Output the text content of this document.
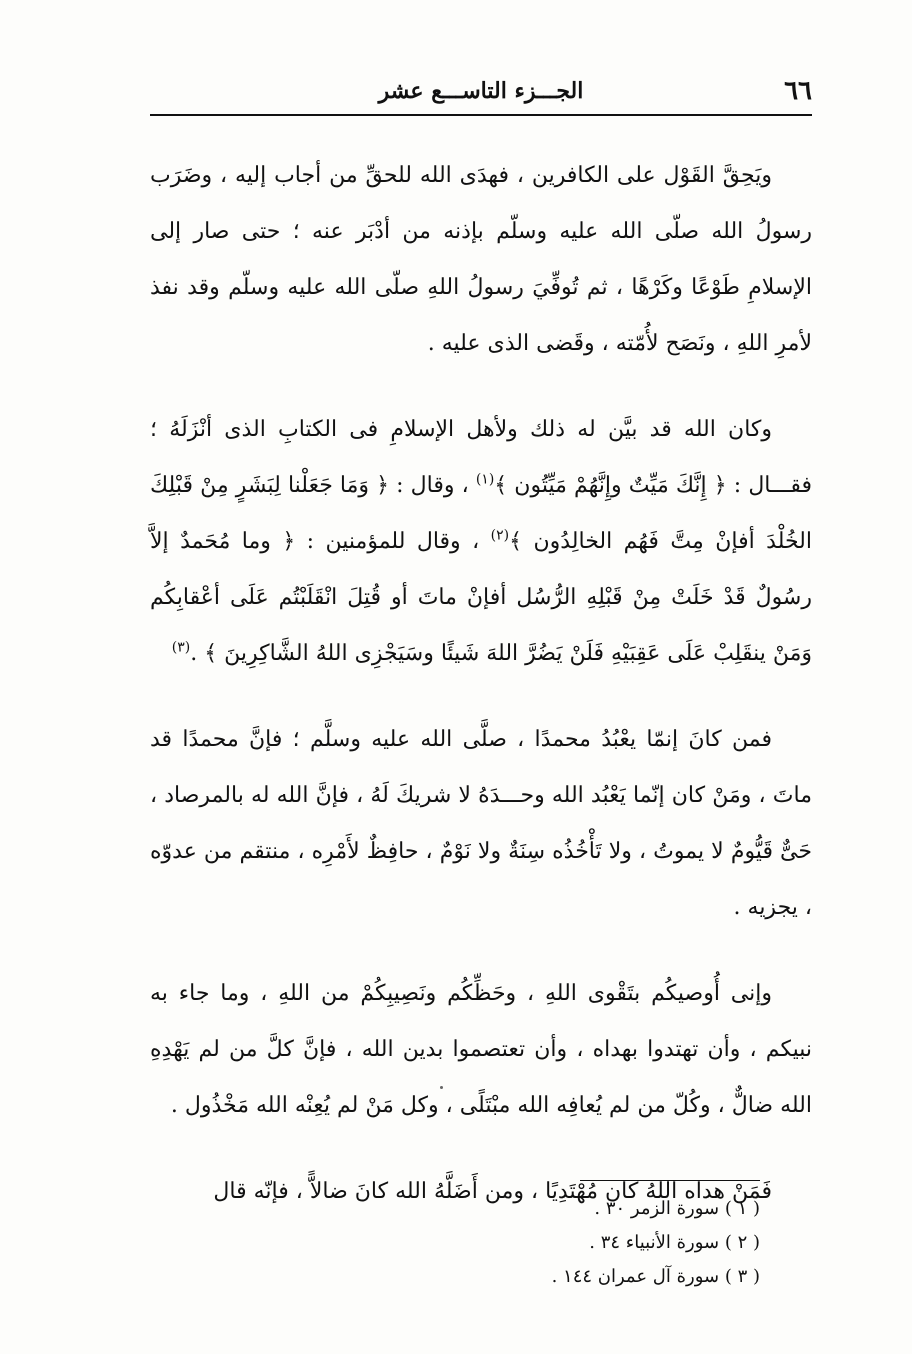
٦٦
الجـــزء التاســـع عشر

ويَحِقَّ القَوْل على الكافرين ، فهدَى الله للحقِّ من أجاب إليه ، وضَرَب رسولُ الله صلّى الله عليه وسلّم بإذنه من أدْبَر عنه ؛ حتى صار إلى الإسلامِ طَوْعًا وكَرْهًا ، ثم تُوفِّيَ رسولُ اللهِ صلّى الله عليه وسلّم وقد نفذ لأمرِ اللهِ ، ونَصَح لأُمّته ، وقَضى الذى عليه .

وكان الله قد بيَّن له ذلك ولأهل الإسلامِ فى الكتابِ الذى أنْزَلَهُ ؛ فقـــال : ﴿ إِنَّكَ مَيِّتٌ وإِنَّهُمْ مَيِّتُون ﴾$^{(١)}$ ، وقال : ﴿ وَمَا جَعَلْنا لِبَشَرٍ مِنْ قَبْلِكَ الخُلْدَ أفإنْ مِتَّ فَهُم الخالِدُون ﴾$^{(٢)}$ ، وقال للمؤمنين : ﴿ وما مُحَمدٌ إلاَّ رسُولٌ قَدْ خَلَتْ مِنْ قَبْلِهِ الرُّسُل أفإنْ ماتَ أو قُتِلَ انْقَلَبْتُم عَلَى أعْقابِكُم وَمَنْ ينقَلِبْ عَلَى عَقِبَيْهِ فَلَنْ يَضُرَّ اللهَ شَيئًا وسَيَجْزِى اللهُ الشَّاكِرِينَ ﴾ .$^{(٣)}$

فمن كانَ إنمّا يعْبُدُ محمدًا ، صلَّى الله عليه وسلَّم ؛ فإنَّ محمدًا قد ماتَ ، ومَنْ كان إنّما يَعْبُد الله وحـــدَهُ لا شريكَ لَهُ ، فإنَّ الله له بالمرصاد ، حَىٌّ قَيُّومٌ لا يموتُ ، ولا تَأْخُذُه سِنَةٌ ولا نَوْمٌ ، حافِظٌ لأَمْرِه ، منتقم من عدوّه ، يجزيه .

وإنى أُوصيكُم بتَقْوى اللهِ ، وحَظِّكُم ونَصِيبِكُمْ من اللهِ ، وما جاء به نبيكم ، وأن تهتدوا بهداه ، وأن تعتصموا بدين الله ، فإنَّ كلَّ من لم يَهْدِهِ الله ضالٌّ ، وكُلّ من لم يُعافِه الله مبْتَلًى ، وكل مَنْ لم يُعِنْه الله مَخْذُول .

فَمَنْ هداه اللهُ كان مُهْتَدِيًا ، ومن أَضَلَّهُ الله كانَ ضالاًّ ، فإنّه قال

( ١ ) سورة الزمر ٣٠ .
( ٢ ) سورة الأنبياء ٣٤ .
( ٣ ) سورة آل عمران ١٤٤ .
